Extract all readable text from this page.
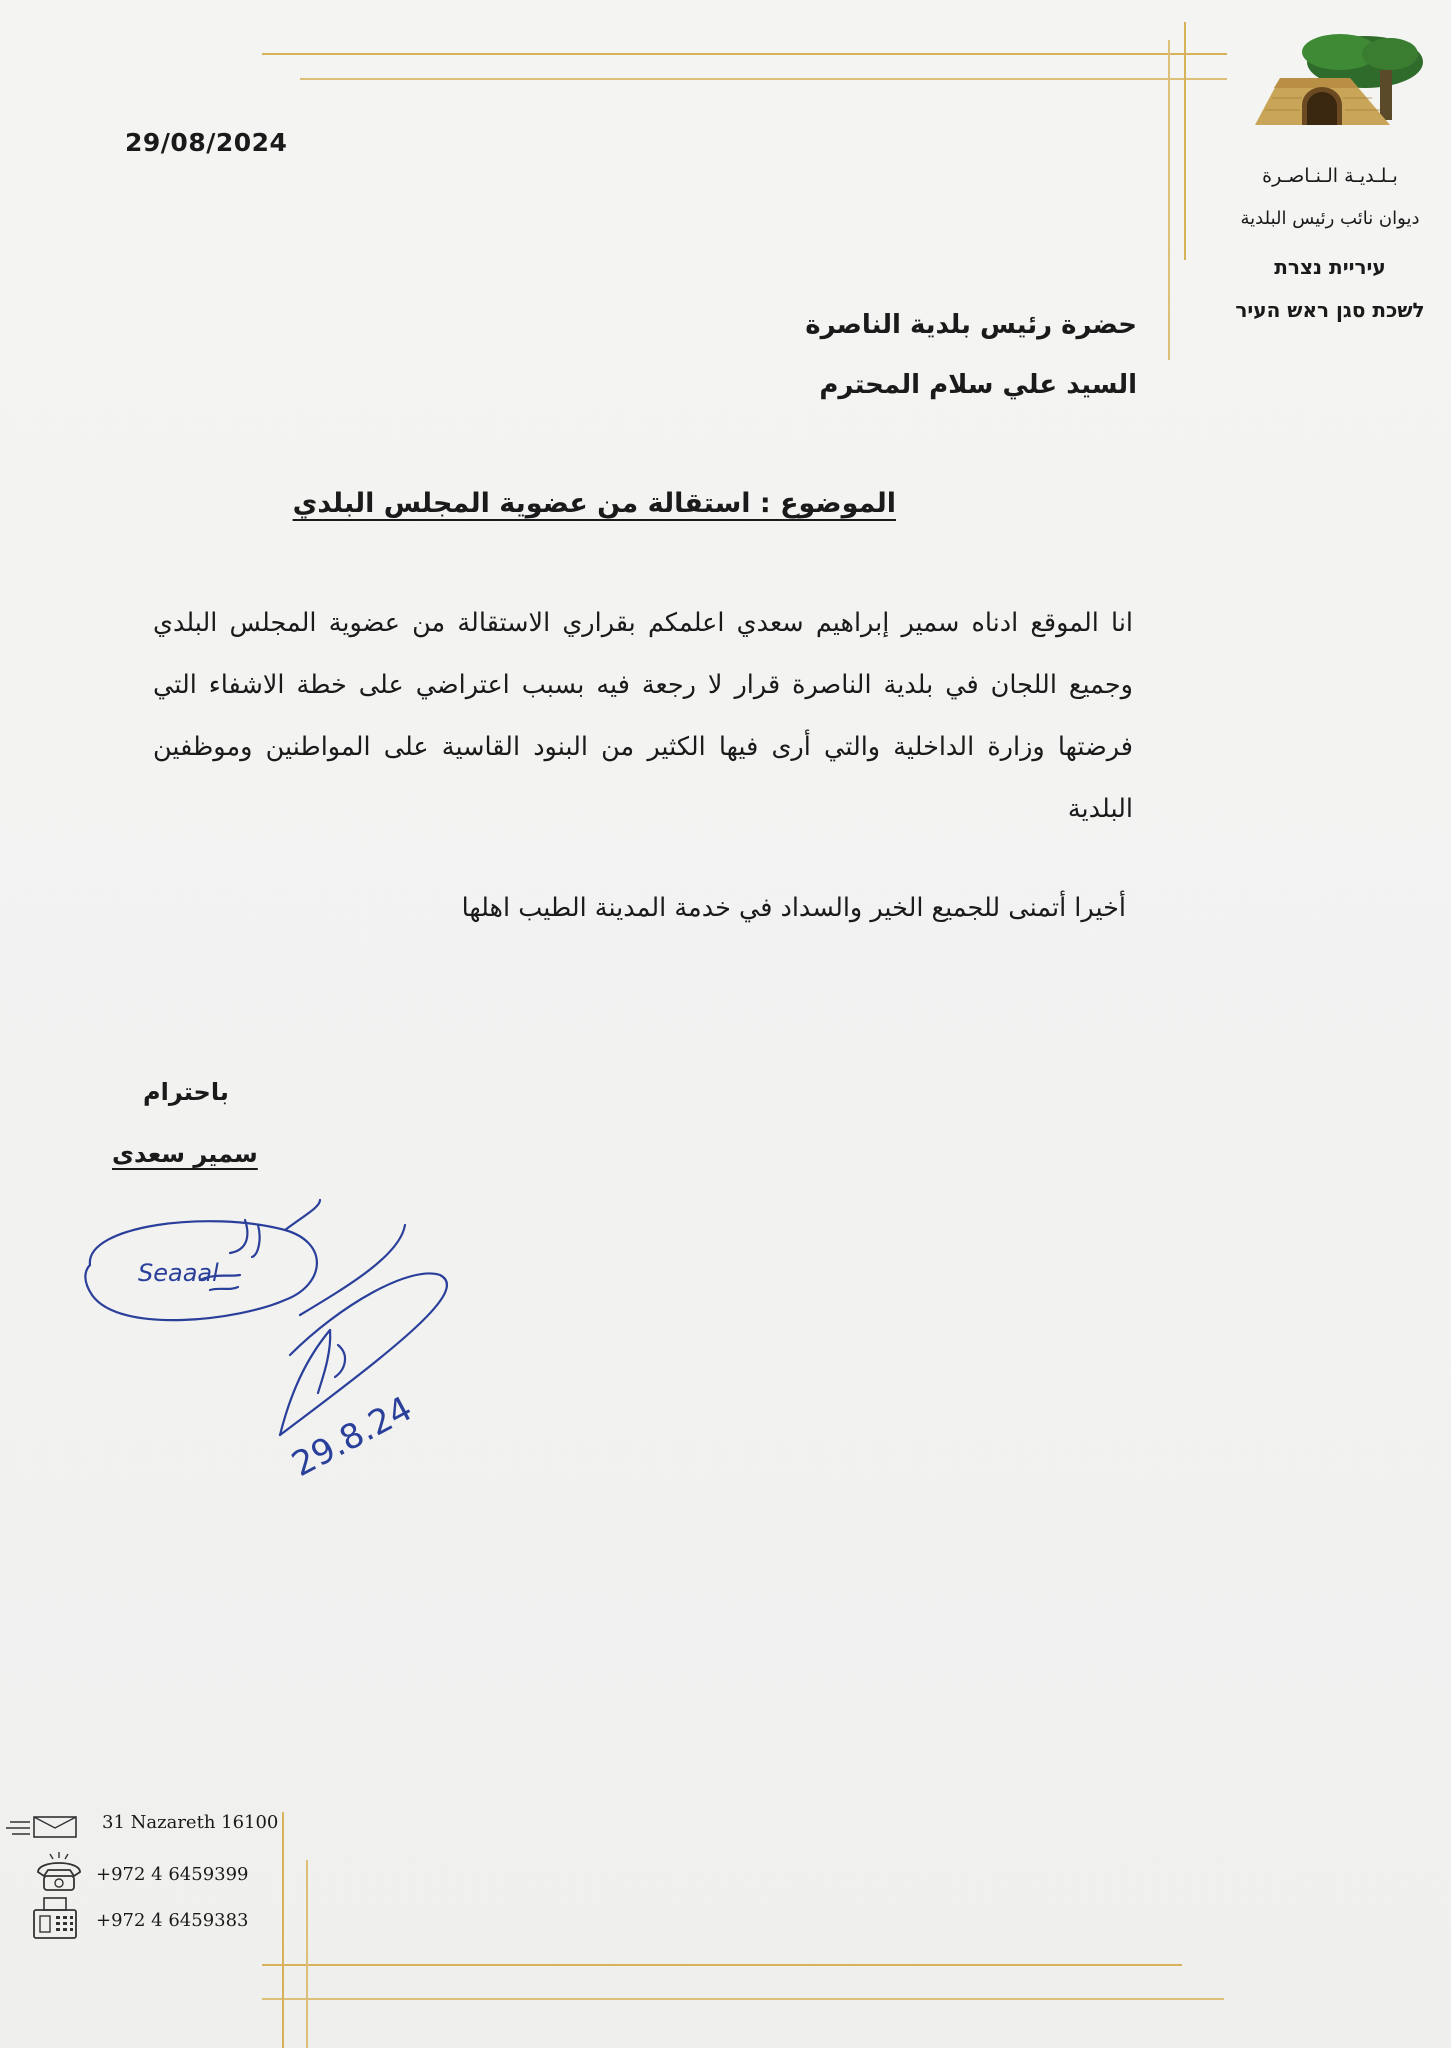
بـلـديـة الـنـاصـرة
ديوان نائب رئيس البلدية
עיריית נצרת
לשכת סגן ראש העיר
29/08/2024
حضرة رئيس بلدية الناصرة
السيد علي سلام المحترم
الموضوع : استقالة من عضوية المجلس البلدي
انا الموقع ادناه سمير إبراهيم سعدي اعلمكم بقراري الاستقالة من عضوية المجلس البلدي وجميع اللجان في بلدية الناصرة قرار لا رجعة فيه بسبب اعتراضي على خطة الاشفاء التي فرضتها وزارة الداخلية والتي أرى فيها الكثير من البنود القاسية على المواطنين وموظفين البلدية
أخيرا أتمنى للجميع الخير والسداد في خدمة المدينة الطيب اهلها
باحترام
سمير سعدى
Seaaal
29.8.24
31 Nazareth 16100
+972 4 6459399
+972 4 6459383
